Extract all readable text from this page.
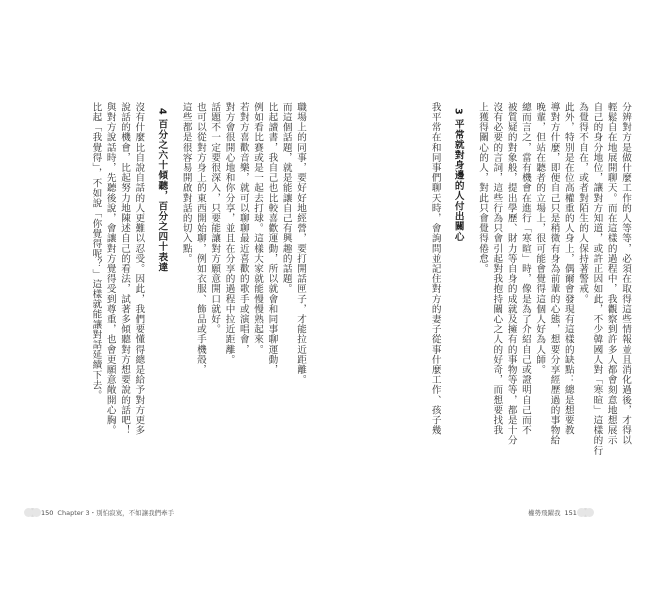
職場上的同事，要好好地經營，要打開話匣子，才能拉近距離。

而這個話題，就是能讓自己有興趣的話題。

比起讀書，我自己也比較喜歡運動，所以就會和同事聊運動，

例如看比賽或是一起去打球。這樣大家就能慢慢熟起來。

若對方喜歡音樂，就可以聊聊最近喜歡的歌手或演唱會，

對方會很開心地和你分享，並且在分享的過程中拉近距離。

話題不一定要很深入，只要能讓對方願意開口就好。

也可以從對方身上的東西開始聊，例如衣服、飾品或手機殼，

這些都是很容易開啟對話的切入點。

4 百分之六十傾聽，百分之四十表達

沒有什麼比自說自話的人更難以忍受。因此，我們要懂得總是給予對方更多

說話的機會，比起努力地陳述自己的看法，試著多傾聽對方想要說的話吧！

與對方說話時，先聽後說，會讓對方覺得受到尊重，也會更願意敞開心胸。

比起「我覺得」，不如說「你覺得呢？」這樣就能讓對話延續下去。

150 Chapter 3・別怕寂寞，不如讓我們牽手

分辨對方是做什麼工作的人等等，必須在取得這些情報並且消化過後，才得以

輕鬆自在地展開聊天。而在這樣的過程中，我觀察到許多人都會刻意地想展示

自己的身分地位，讓對方知道，或許正因如此，不少韓國人對「寒暄」這樣的行

為覺得不自在，或者對陌生的人保持著警戒。

此外，特別是在位高權重的人身上，偶爾會發現有這樣的缺點：總是想要教

導對方什麼，即便自己只是稍微有身為前輩的心態，想要分享經歷過的事物給

晚輩，但站在聽者的立場上，很可能會覺得這個人好為人師。

總而言之，當有機會在進行「寒暄」時，像是為了介紹自己或證明自己而不

被質疑的對象般，提出學歷、財力等自身的成就及擁有的事物等等，都是十分

沒有必要的言詞，這些行為只會引起對我抱持關心之人的好奇，而想要找我

上獲得關心的人，對此只會覺得倦怠。

3 平常就對身邊的人付出關心

我平常在和同事們聊天時，會詢問並記住對方的妻子從事什麼工作、孩子幾

權勢飛躍我 151
